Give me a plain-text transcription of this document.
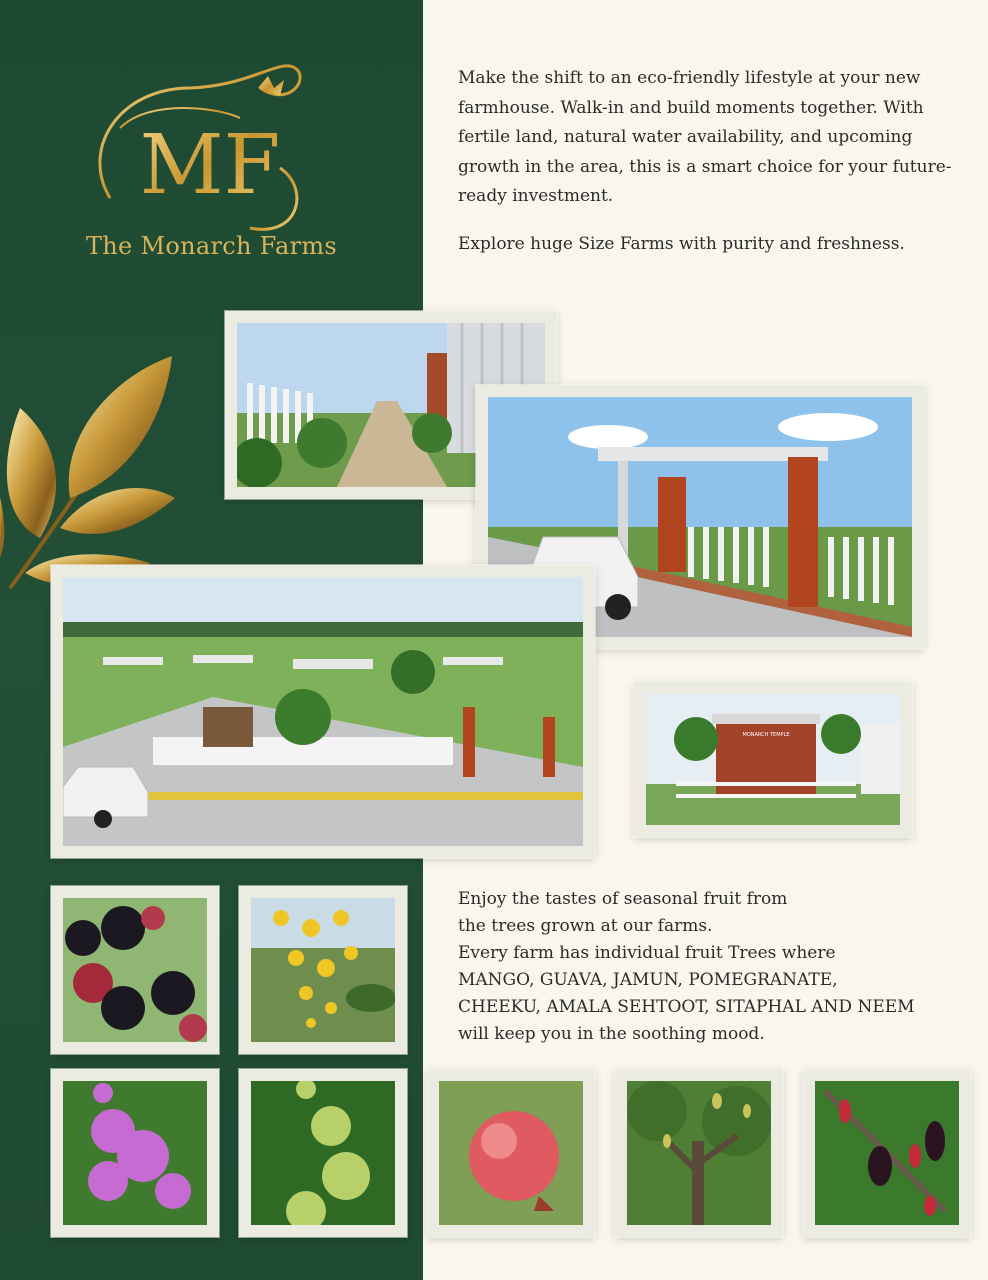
MF
The Monarch Farms

Make the shift to an eco-friendly lifestyle at your new farmhouse. Walk-in and build moments together. With fertile land, natural water availability, and upcoming growth in the area, this is a smart choice for your future-ready investment.

Explore huge Size Farms with purity and freshness.

MONARCH TEMPLE
Enjoy the tastes of seasonal fruit from
the trees grown at our farms.
Every farm has individual fruit Trees where
MANGO, GUAVA, JAMUN, POMEGRANATE,
CHEEKU, AMALA SEHTOOT, SITAPHAL AND NEEM
will keep you in the soothing mood.
